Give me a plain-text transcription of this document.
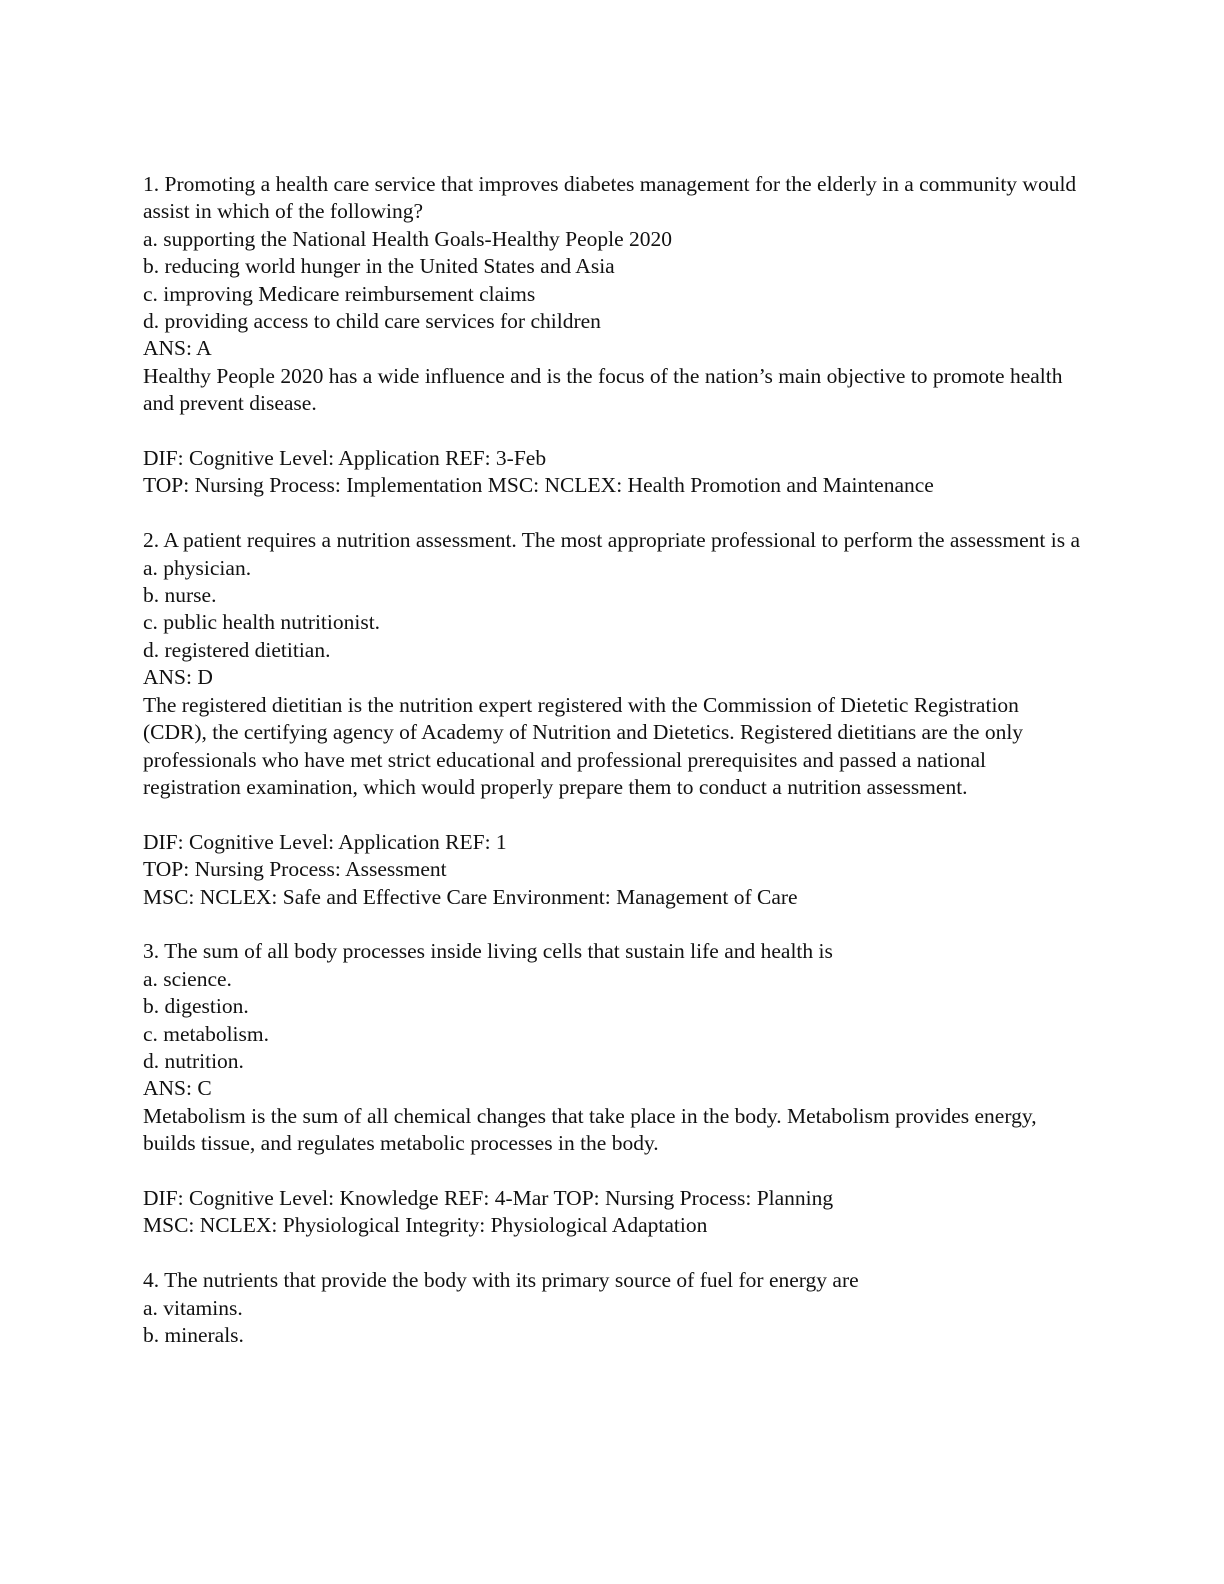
1. Promoting a health care service that improves diabetes management for the elderly in a community would assist in which of the following?
a. supporting the National Health Goals-Healthy People 2020
b. reducing world hunger in the United States and Asia
c. improving Medicare reimbursement claims
d. providing access to child care services for children
ANS: A
Healthy People 2020 has a wide influence and is the focus of the nation’s main objective to promote health and prevent disease.
DIF: Cognitive Level: Application REF: 3-Feb
TOP: Nursing Process: Implementation MSC: NCLEX: Health Promotion and Maintenance
2. A patient requires a nutrition assessment. The most appropriate professional to perform the assessment is a
a. physician.
b. nurse.
c. public health nutritionist.
d. registered dietitian.
ANS: D
The registered dietitian is the nutrition expert registered with the Commission of Dietetic Registration (CDR), the certifying agency of Academy of Nutrition and Dietetics. Registered dietitians are the only professionals who have met strict educational and professional prerequisites and passed a national registration examination, which would properly prepare them to conduct a nutrition assessment.
DIF: Cognitive Level: Application REF: 1
TOP: Nursing Process: Assessment
MSC: NCLEX: Safe and Effective Care Environment: Management of Care
3. The sum of all body processes inside living cells that sustain life and health is
a. science.
b. digestion.
c. metabolism.
d. nutrition.
ANS: C
Metabolism is the sum of all chemical changes that take place in the body. Metabolism provides energy, builds tissue, and regulates metabolic processes in the body.
DIF: Cognitive Level: Knowledge REF: 4-Mar TOP: Nursing Process: Planning
MSC: NCLEX: Physiological Integrity: Physiological Adaptation
4. The nutrients that provide the body with its primary source of fuel for energy are
a. vitamins.
b. minerals.
